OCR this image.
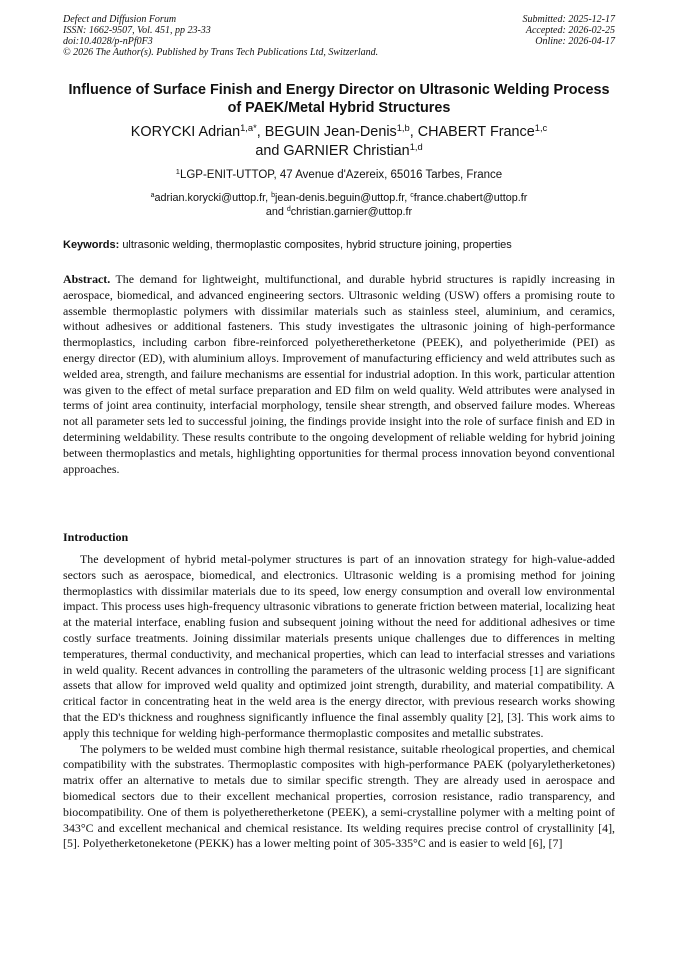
Defect and Diffusion Forum
ISSN: 1662-9507, Vol. 451, pp 23-33
doi:10.4028/p-nPf0F3
© 2026 The Author(s). Published by Trans Tech Publications Ltd, Switzerland.
Submitted: 2025-12-17
Accepted: 2026-02-25
Online: 2026-04-17
Influence of Surface Finish and Energy Director on Ultrasonic Welding Process of PAEK/Metal Hybrid Structures
KORYCKI Adrian$^{1,a*}$, BEGUIN Jean-Denis$^{1,b}$, CHABERT France$^{1,c}$
and GARNIER Christian$^{1,d}$
$^1$LGP-ENIT-UTTOP, 47 Avenue d'Azereix, 65016 Tarbes, France
$^a$adrian.korycki@uttop.fr, $^b$jean-denis.beguin@uttop.fr, $^c$france.chabert@uttop.fr
and $^d$christian.garnier@uttop.fr
Keywords: ultrasonic welding, thermoplastic composites, hybrid structure joining, properties
Abstract. The demand for lightweight, multifunctional, and durable hybrid structures is rapidly increasing in aerospace, biomedical, and advanced engineering sectors. Ultrasonic welding (USW) offers a promising route to assemble thermoplastic polymers with dissimilar materials such as stainless steel, aluminium, and ceramics, without adhesives or additional fasteners. This study investigates the ultrasonic joining of high-performance thermoplastics, including carbon fibre-reinforced polyetheretherketone (PEEK), and polyetherimide (PEI) as energy director (ED), with aluminium alloys. Improvement of manufacturing efficiency and weld attributes such as welded area, strength, and failure mechanisms are essential for industrial adoption. In this work, particular attention was given to the effect of metal surface preparation and ED film on weld quality. Weld attributes were analysed in terms of joint area continuity, interfacial morphology, tensile shear strength, and observed failure modes. Whereas not all parameter sets led to successful joining, the findings provide insight into the role of surface finish and ED in determining weldability. These results contribute to the ongoing development of reliable welding for hybrid joining between thermoplastics and metals, highlighting opportunities for thermal process innovation beyond conventional approaches.
Introduction

The development of hybrid metal-polymer structures is part of an innovation strategy for high-value-added sectors such as aerospace, biomedical, and electronics. Ultrasonic welding is a promising method for joining thermoplastics with dissimilar materials due to its speed, low energy consumption and overall low environmental impact. This process uses high-frequency ultrasonic vibrations to generate friction between material, localizing heat at the material interface, enabling fusion and subsequent joining without the need for additional adhesives or time costly surface treatments. Joining dissimilar materials presents unique challenges due to differences in melting temperatures, thermal conductivity, and mechanical properties, which can lead to interfacial stresses and variations in weld quality. Recent advances in controlling the parameters of the ultrasonic welding process [1] are significant assets that allow for improved weld quality and optimized joint strength, durability, and material compatibility. A critical factor in concentrating heat in the weld area is the energy director, with previous research works showing that the ED's thickness and roughness significantly influence the final assembly quality [2], [3]. This work aims to apply this technique for welding high-performance thermoplastic composites and metallic substrates.

The polymers to be welded must combine high thermal resistance, suitable rheological properties, and chemical compatibility with the substrates. Thermoplastic composites with high-performance PAEK (polyaryletherketones) matrix offer an alternative to metals due to similar specific strength. They are already used in aerospace and biomedical sectors due to their excellent mechanical properties, corrosion resistance, radio transparency, and biocompatibility. One of them is polyetheretherketone (PEEK), a semi-crystalline polymer with a melting point of 343°C and excellent mechanical and chemical resistance. Its welding requires precise control of crystallinity [4], [5]. Polyetherketoneketone (PEKK) has a lower melting point of 305-335°C and is easier to weld [6], [7]
